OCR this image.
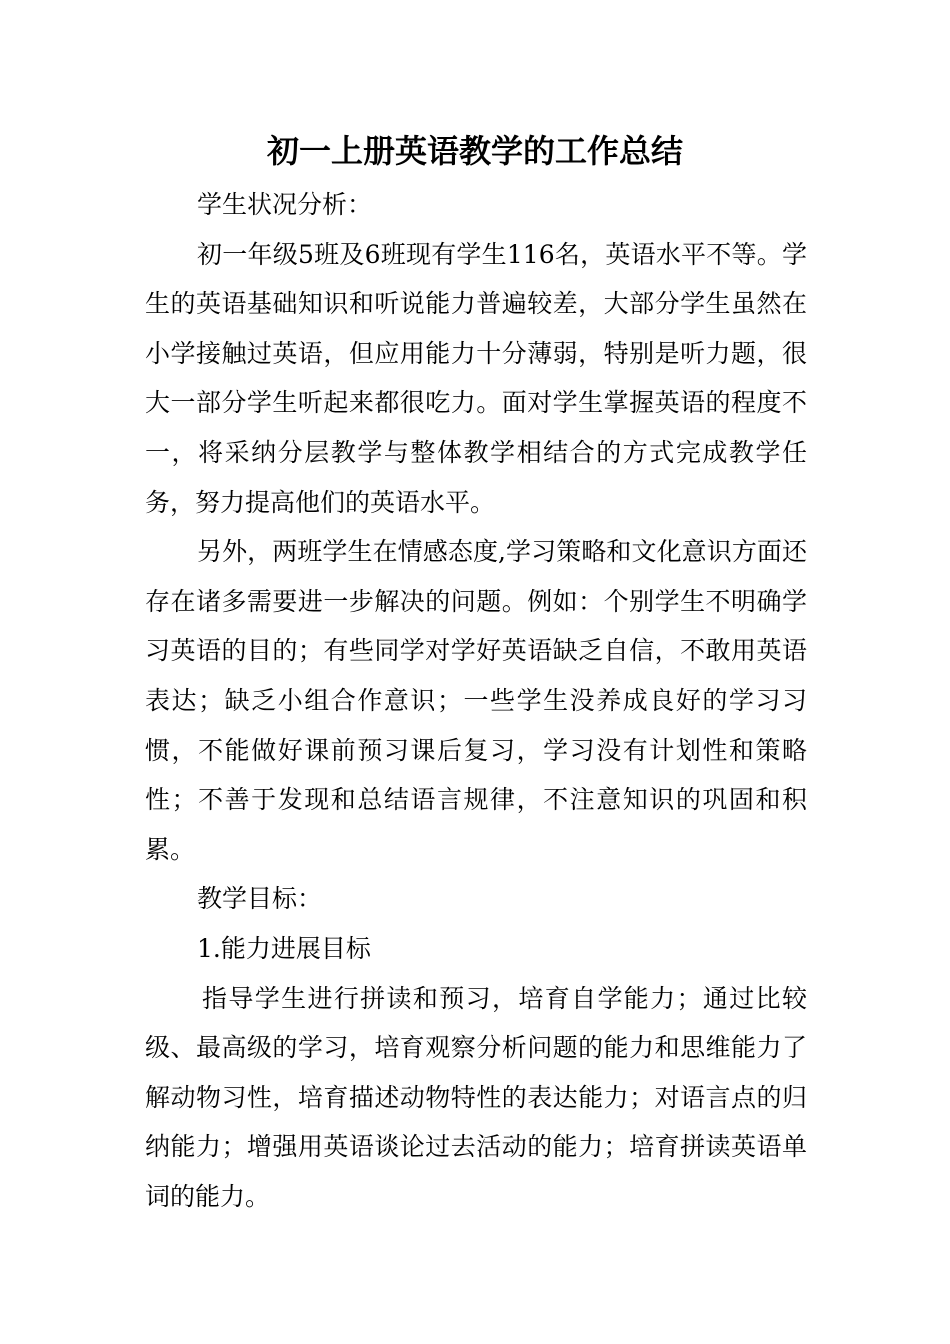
初一上册英语教学的工作总结

学生状况分析：

初一年级5班及6班现有学生116名，英语水平不等。学生的英语基础知识和听说能力普遍较差，大部分学生虽然在小学接触过英语，但应用能力十分薄弱，特别是听力题，很大一部分学生听起来都很吃力。面对学生掌握英语的程度不一，将采纳分层教学与整体教学相结合的方式完成教学任务，努力提高他们的英语水平。

另外，两班学生在情感态度,学习策略和文化意识方面还存在诸多需要进一步解决的问题。例如：个别学生不明确学习英语的目的；有些同学对学好英语缺乏自信，不敢用英语表达；缺乏小组合作意识；一些学生没养成良好的学习习惯，不能做好课前预习课后复习，学习没有计划性和策略性；不善于发现和总结语言规律，不注意知识的巩固和积累。

教学目标：

1.能力进展目标

指导学生进行拼读和预习，培育自学能力；通过比较级、最高级的学习，培育观察分析问题的能力和思维能力了解动物习性，培育描述动物特性的表达能力；对语言点的归纳能力；增强用英语谈论过去活动的能力；培育拼读英语单词的能力。
